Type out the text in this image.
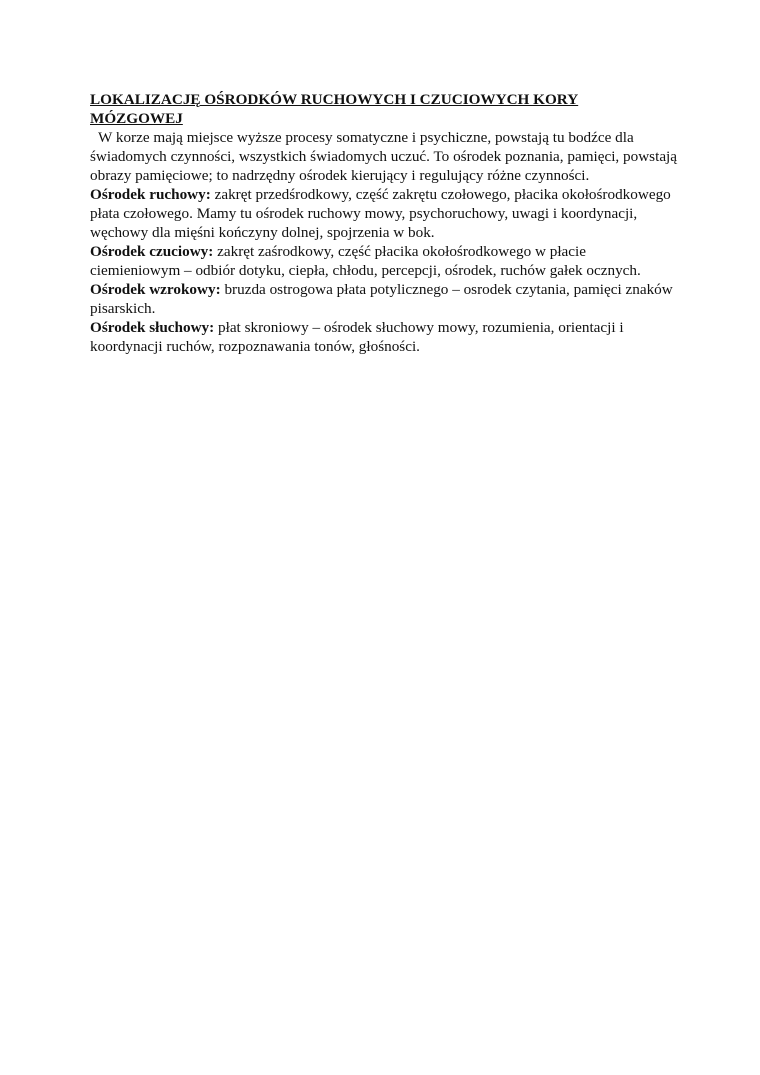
LOKALIZACJĘ OŚRODKÓW RUCHOWYCH I CZUCIOWYCH KORY MÓZGOWEJ

W korze mają miejsce wyższe procesy somatyczne i psychiczne, powstają tu bodźce dla świadomych czynności, wszystkich świadomych uczuć. To ośrodek poznania, pamięci, powstają obrazy pamięciowe; to nadrzędny ośrodek kierujący i regulujący różne czynności.

Ośrodek ruchowy: zakręt przedśrodkowy, część zakrętu czołowego, płacika okołośrodkowego płata czołowego. Mamy tu ośrodek ruchowy mowy, psychoruchowy, uwagi i koordynacji, węchowy dla mięśni kończyny dolnej, spojrzenia w bok.

Ośrodek czuciowy: zakręt zaśrodkowy, część płacika okołośrodkowego w płacie ciemieniowym – odbiór dotyku, ciepła, chłodu, percepcji, ośrodek, ruchów gałek ocznych.

Ośrodek wzrokowy: bruzda ostrogowa płata potylicznego – osrodek czytania, pamięci znaków pisarskich.

Ośrodek słuchowy: płat skroniowy – ośrodek słuchowy mowy, rozumienia, orientacji i koordynacji ruchów, rozpoznawania tonów, głośności.
